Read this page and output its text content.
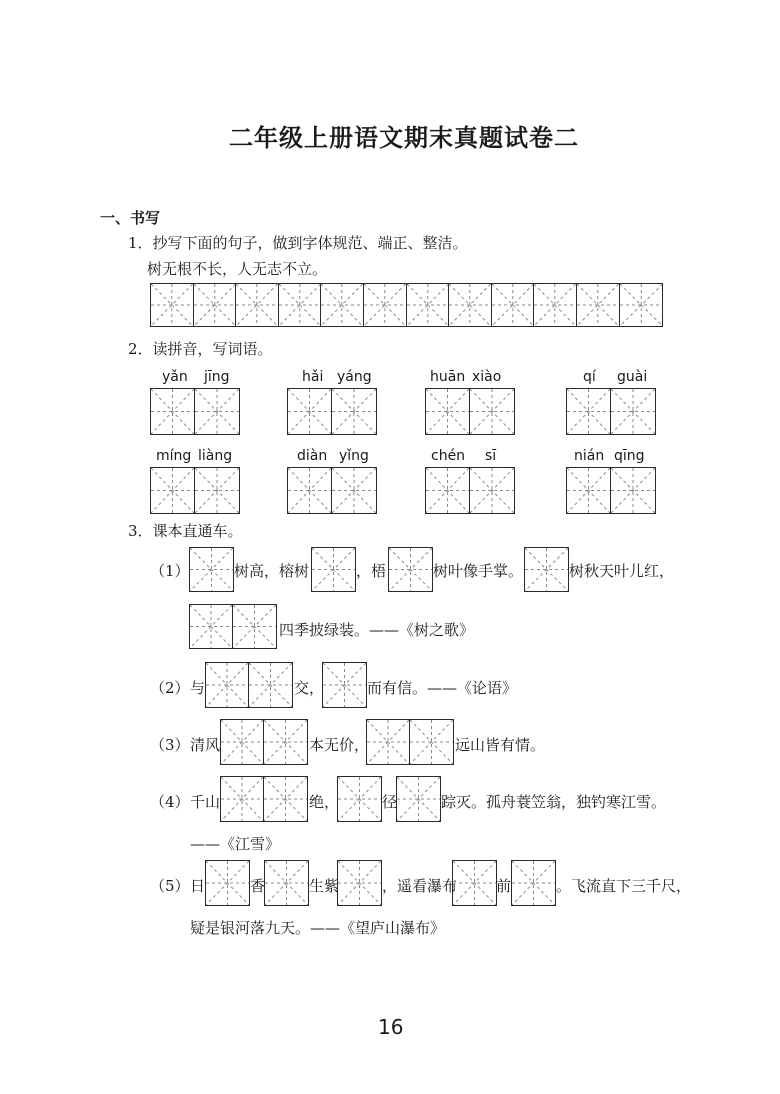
二年级上册语文期末真题试卷二
一、书写
1．抄写下面的句子，做到字体规范、端正、整洁。
树无根不长，人无志不立。
2．读拼音，写词语。
yǎn jīng	hǎi yáng	huān xiào	qí guài
míng liàng	diàn yǐng	chén sī	nián qīng
3．课本直通车。
（1）	树高，榕树	，梧	树叶像手掌。	树秋天叶儿红，
四季披绿装。——《树之歌》
（2） 与	交，	而有信。——《论语》
（3） 清风	本无价，	远山皆有情。
（4） 千山	绝，	径	踪灭。孤舟蓑笠翁，独钓寒江雪。
——《江雪》
（5） 日	香	生紫	，遥看瀑布	前	。飞流直下三千尺，
疑是银河落九天。——《望庐山瀑布》
16
